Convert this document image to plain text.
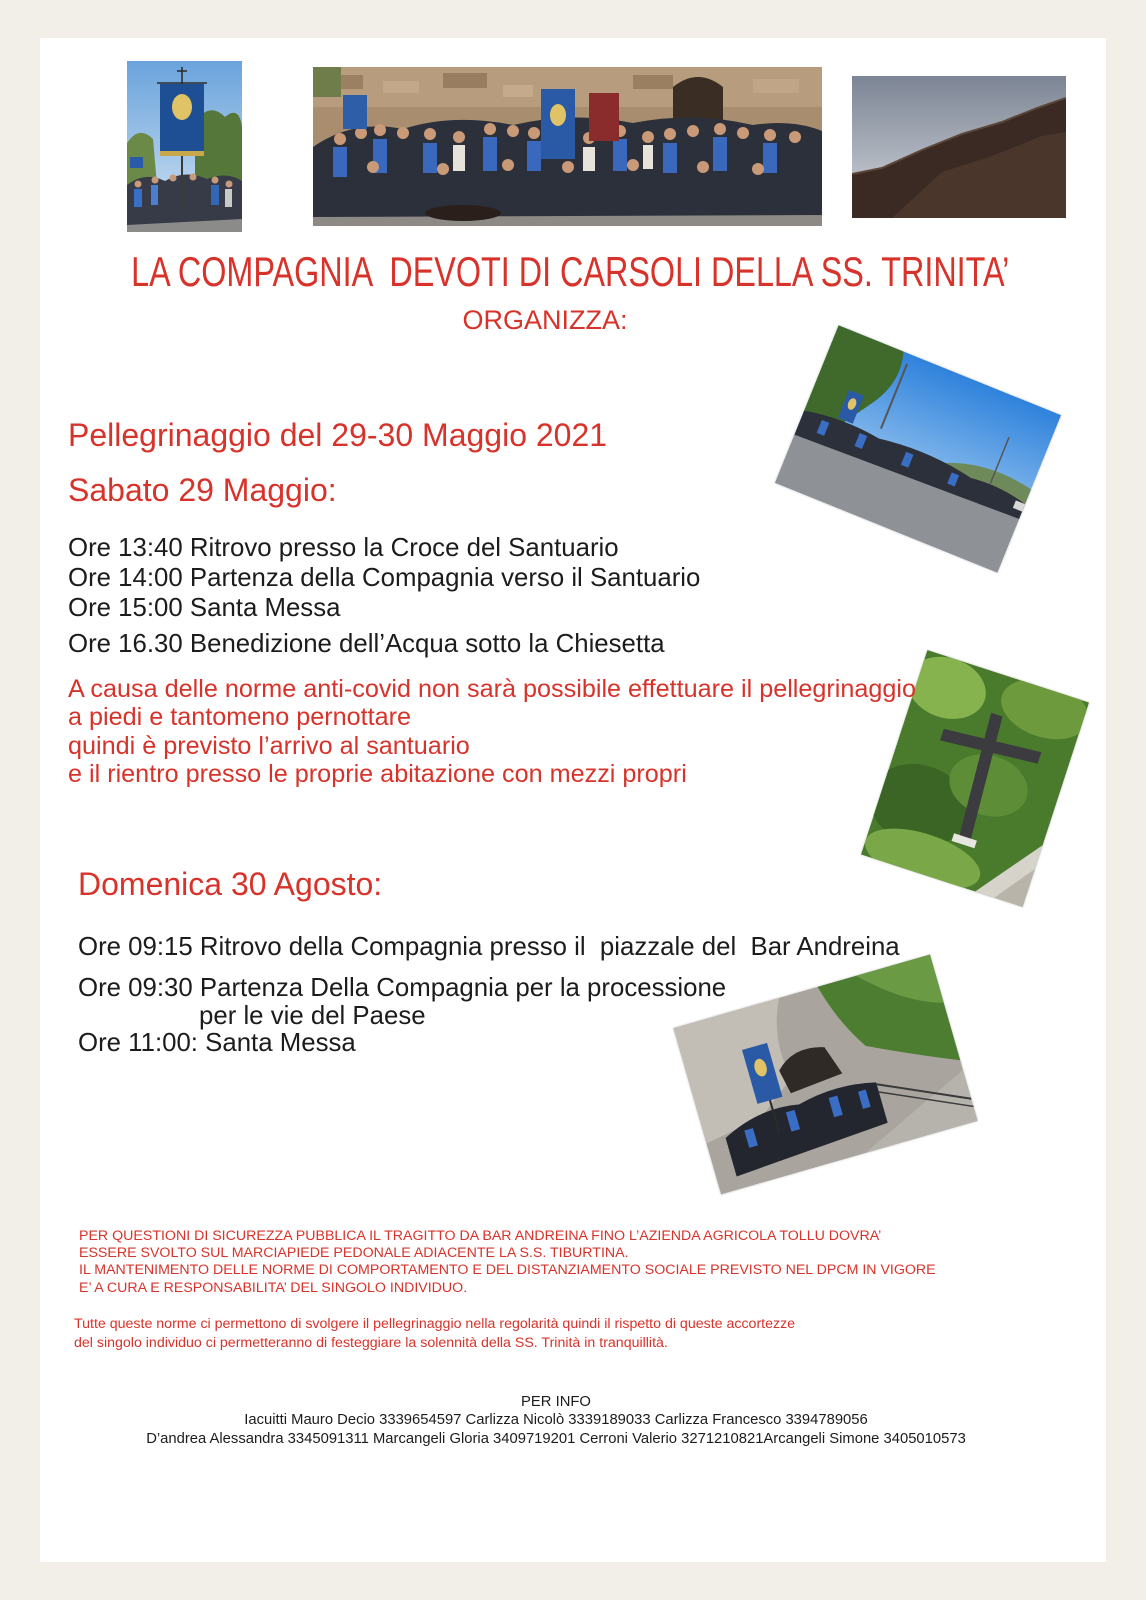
LA COMPAGNIA  DEVOTI DI CARSOLI DELLA SS. TRINITA’
ORGANIZZA:
Pellegrinaggio del 29-30 Maggio 2021
Sabato 29 Maggio:
Ore 13:40 Ritrovo presso la Croce del Santuario
Ore 14:00 Partenza della Compagnia verso il Santuario
Ore 15:00 Santa Messa
Ore 16.30 Benedizione dell’Acqua sotto la Chiesetta
A causa delle norme anti-covid non sarà possibile effettuare il pellegrinaggio
a piedi e tantomeno pernottare
quindi è previsto l’arrivo al santuario
e il rientro presso le proprie abitazione con mezzi propri
Domenica 30 Agosto:
Ore 09:15 Ritrovo della Compagnia presso il  piazzale del  Bar Andreina
Ore 09:30 Partenza Della Compagnia per la processione
per le vie del Paese
Ore 11:00: Santa Messa
PER QUESTIONI DI SICUREZZA PUBBLICA IL TRAGITTO DA BAR ANDREINA FINO L’AZIENDA AGRICOLA TOLLU DOVRA’
ESSERE SVOLTO SUL MARCIAPIEDE PEDONALE ADIACENTE LA S.S. TIBURTINA.
IL MANTENIMENTO DELLE NORME DI COMPORTAMENTO E DEL DISTANZIAMENTO SOCIALE PREVISTO NEL DPCM IN VIGORE
E’ A CURA E RESPONSABILITA’ DEL SINGOLO INDIVIDUO.
Tutte queste norme ci permettono di svolgere il pellegrinaggio nella regolarità quindi il rispetto di queste accortezze
del singolo individuo ci permetteranno di festeggiare la solennità della SS. Trinità in tranquillità.
PER INFO
Iacuitti Mauro Decio 3339654597 Carlizza Nicolò 3339189033 Carlizza Francesco 3394789056
D’andrea Alessandra 3345091311 Marcangeli Gloria 3409719201 Cerroni Valerio 3271210821Arcangeli Simone 3405010573
